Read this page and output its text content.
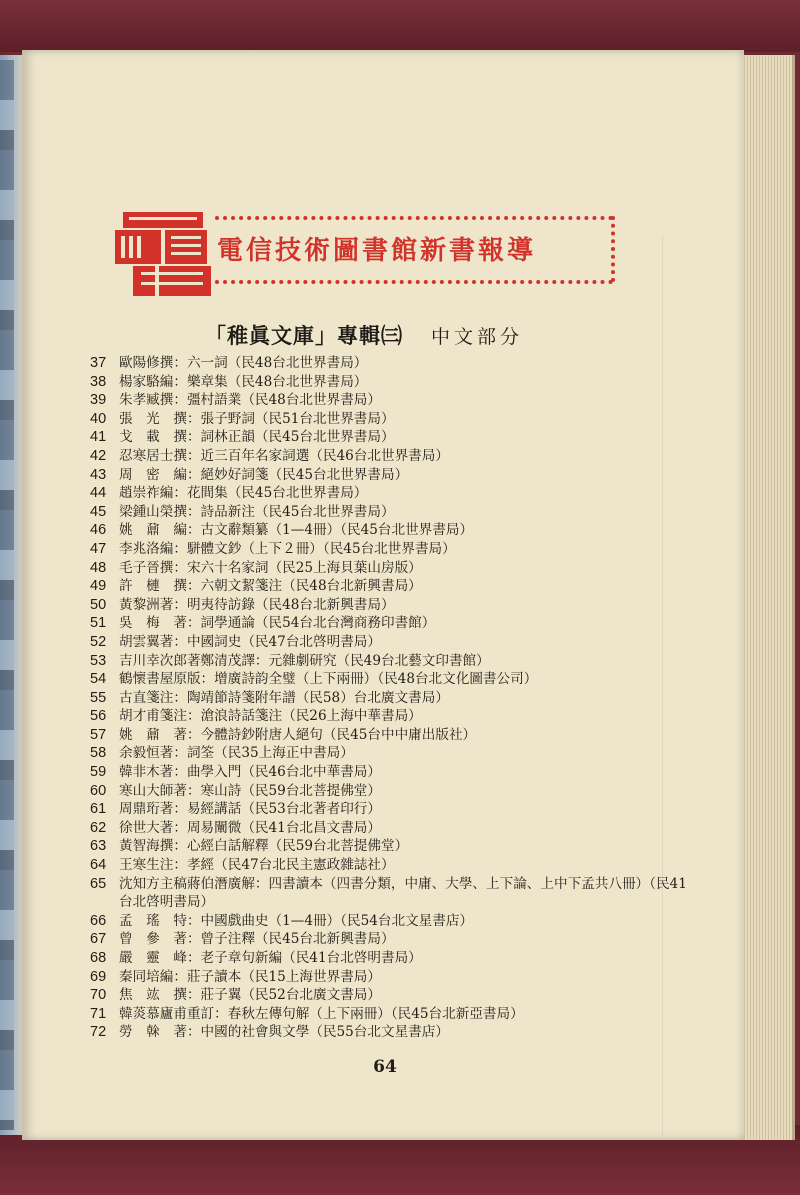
電信技術圖書館新書報導
「稚眞文庫」專輯㈢ 中文部分
37 歐陽修撰：六一詞（民48台北世界書局）
38 楊家駱編：樂章集（民48台北世界書局）
39 朱孝臧撰：彊村語業（民48台北世界書局）
40 張　光　撰：張子野詞（民51台北世界書局）
41 戈　載　撰：詞林正韻（民45台北世界書局）
42 忍寒居士撰：近三百年名家詞選（民46台北世界書局）
43 周　密　編：絕妙好詞箋（民45台北世界書局）
44 趙崇祚編：花間集（民45台北世界書局）
45 梁鍾山榮撰：詩品新注（民45台北世界書局）
46 姚　鼐　編：古文辭類纂（1—4冊）（民45台北世界書局）
47 李兆洛編：駢體文鈔（上下２冊）（民45台北世界書局）
48 毛子晉撰：宋六十名家詞（民25上海貝葉山房版）
49 許　槤　撰：六朝文絜箋注（民48台北新興書局）
50 黃黎洲著：明夷待訪錄（民48台北新興書局）
51 吳　梅　著：詞學通論（民54台北台灣商務印書館）
52 胡雲翼著：中國詞史（民47台北啓明書局）
53 吉川幸次郎著鄭清茂譯：元雜劇研究（民49台北藝文印書館）
54 鶴懷書屋原版：增廣詩韵全璧（上下兩冊）（民48台北文化圖書公司）
55 古直箋注：陶靖節詩箋附年譜（民58）台北廣文書局）
56 胡才甫箋注：滄浪詩話箋注（民26上海中華書局）
57 姚　鼐　著：今體詩鈔附唐人絕句（民45台中中庸出版社）
58 余毅恒著：詞筌（民35上海正中書局）
59 韓非木著：曲學入門（民46台北中華書局）
60 寒山大師著：寒山詩（民59台北菩提佛堂）
61 周鼎珩著：易經講話（民53台北著者印行）
62 徐世大著：周易闡微（民41台北昌文書局）
63 黃智海撰：心經白話解釋（民59台北菩提佛堂）
64 王寒生注：孝經（民47台北民主憲政雜誌社）
65 沈知方主稿蔣伯潛廣解：四書讀本（四書分類，中庸、大學、上下論、上中下孟共八冊）（民41台北啓明書局）
66 孟　瑤　特：中國戲曲史（1—4冊）（民54台北文星書店）
67 曾　參　著：曾子注釋（民45台北新興書局）
68 嚴　靈　峰：老子章句新編（民41台北啓明書局）
69 秦同培編：莊子讀本（民15上海世界書局）
70 焦　竑　撰：莊子翼（民52台北廣文書局）
71 韓菼慕廬甫重訂：春秋左傳句解（上下兩冊）（民45台北新亞書局）
72 勞　榦　著：中國的社會與文學（民55台北文星書店）
64
